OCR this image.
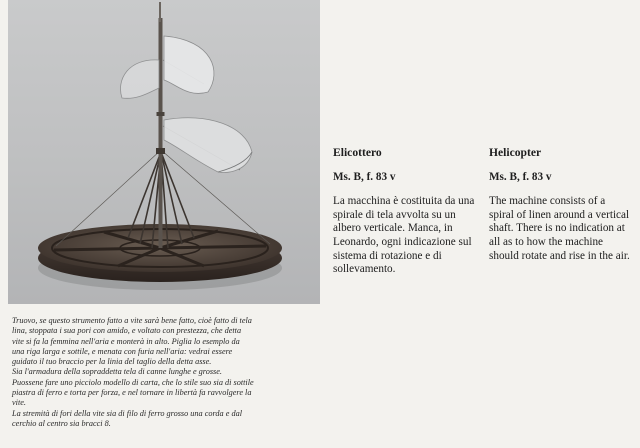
Elicottero
Ms. B, f. 83 v

La macchina è costituita da una spirale di tela avvolta su un albero verticale. Manca, in Leonardo, ogni indicazione sul sistema di rotazione e di sollevamento.

Helicopter
Ms. B, f. 83 v

The machine consists of a spiral of linen around a vertical shaft. There is no indication at all as to how the machine should rotate and rise in the air.

Truovo, se questo strumento fatto a vite sarà bene fatto, cioè fatto di tela
lina, stoppata i sua pori con amido, e voltato con prestezza, che detta
vite si fa la femmina nell'aria e monterà in alto. Piglia lo esemplo da
una riga larga e sottile, e menata con furia nell'aria: vedrai essere
guidato il tuo braccio per la linia del taglio della detta asse.
Sia l'armadura della sopraddetta tela di canne lunghe e grosse.
Puossene fare uno picciolo modello di carta, che lo stile suo sia di sottile
piastra di ferro e torta per forza, e nel tornare in libertà fa ravvolgere la
vite.
La stremità di fori della vite sia di filo di ferro grosso una corda e dal
cerchio al centro sia bracci 8.
